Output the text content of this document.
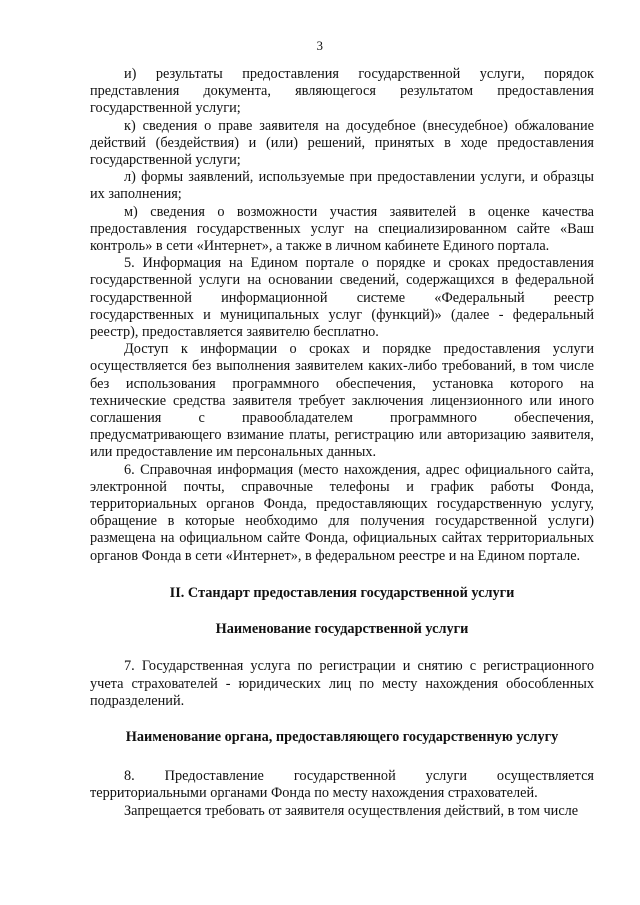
3

и) результаты предоставления государственной услуги, порядок представления документа, являющегося результатом предоставления государственной услуги;

к) сведения о праве заявителя на досудебное (внесудебное) обжалование действий (бездействия) и (или) решений, принятых в ходе предоставления государственной услуги;

л) формы заявлений, используемые при предоставлении услуги, и образцы их заполнения;

м) сведения о возможности участия заявителей в оценке качества предоставления государственных услуг на специализированном сайте «Ваш контроль» в сети «Интернет», а также в личном кабинете Единого портала.

5. Информация на Едином портале о порядке и сроках предоставления государственной услуги на основании сведений, содержащихся в федеральной государственной информационной системе «Федеральный реестр государственных и муниципальных услуг (функций)» (далее - федеральный реестр), предоставляется заявителю бесплатно.

Доступ к информации о сроках и порядке предоставления услуги осуществляется без выполнения заявителем каких-либо требований, в том числе без использования программного обеспечения, установка которого на технические средства заявителя требует заключения лицензионного или иного соглашения с правообладателем программного обеспечения, предусматривающего взимание платы, регистрацию или авторизацию заявителя, или предоставление им персональных данных.

6. Справочная информация (место нахождения, адрес официального сайта, электронной почты, справочные телефоны и график работы Фонда, территориальных органов Фонда, предоставляющих государственную услугу, обращение в которые необходимо для получения государственной услуги) размещена на официальном сайте Фонда, официальных сайтах территориальных органов Фонда в сети «Интернет», в федеральном реестре и на Едином портале.

II. Стандарт предоставления государственной услуги

Наименование государственной услуги

7. Государственная услуга по регистрации и снятию с регистрационного учета страхователей - юридических лиц по месту нахождения обособленных подразделений.

Наименование органа, предоставляющего государственную услугу

8. Предоставление государственной услуги осуществляется территориальными органами Фонда по месту нахождения страхователей.

Запрещается требовать от заявителя осуществления действий, в том числе
